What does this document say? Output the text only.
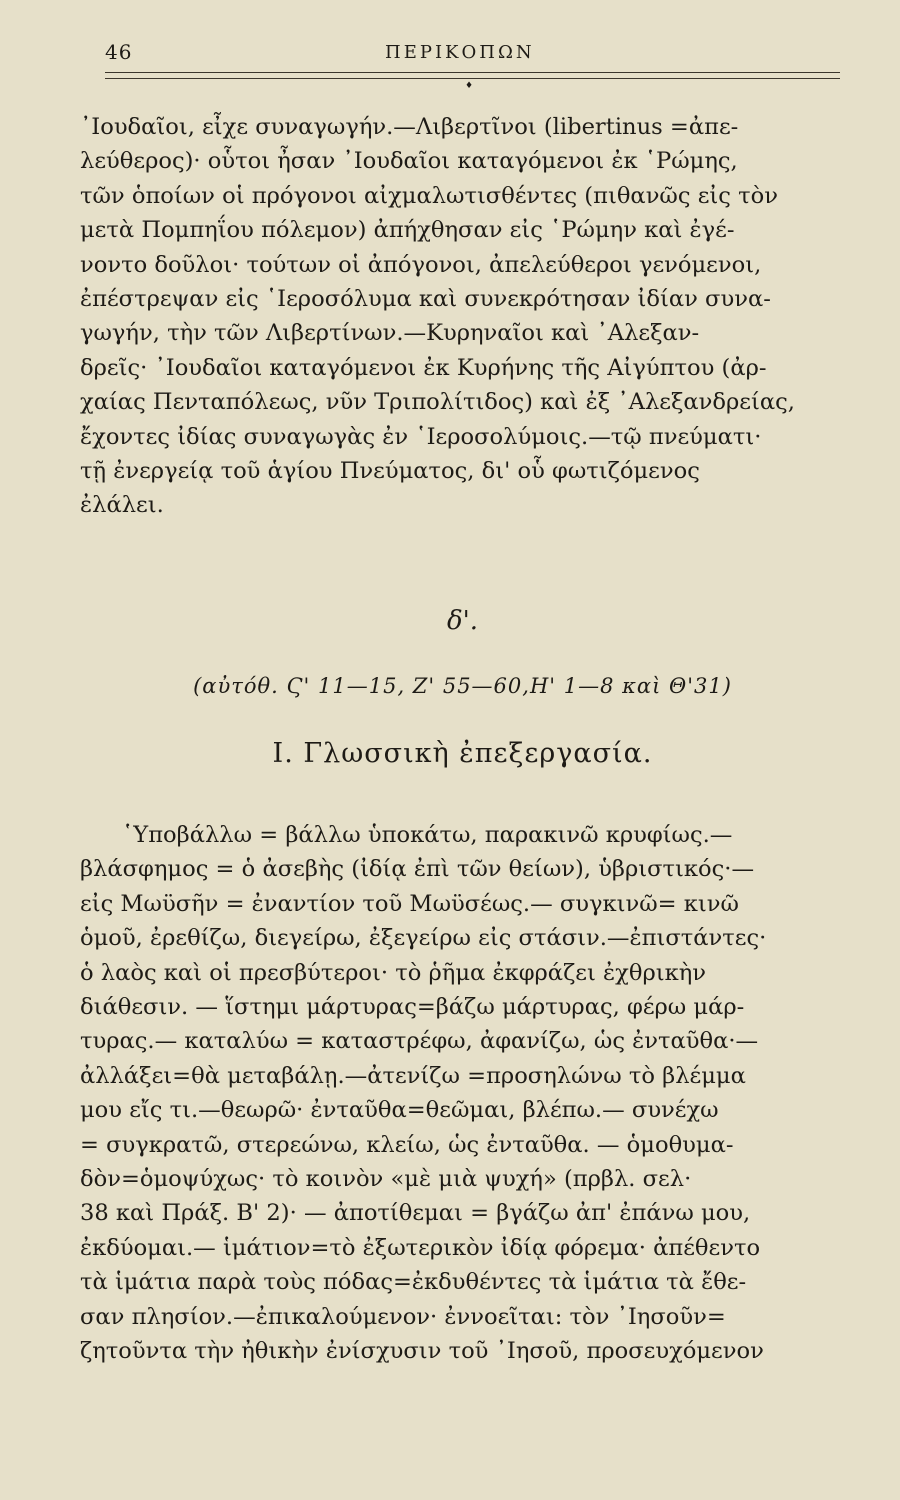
46	ΠΕΡΙΚΟΠΩΝ
♦
᾿Ιουδαῖοι, εἶχε συναγωγήν.—Λιβερτῖνοι (libertinus =ἀπε-
λεύθερος)· οὗτοι ἦσαν ᾿Ιουδαῖοι καταγόμενοι ἐκ ῾Ρώμης,
τῶν ὁποίων οἱ πρόγονοι αἰχμαλωτισθέντες (πιθανῶς εἰς τὸν
μετὰ Πομπηΐου πόλεμον) ἀπήχθησαν εἰς ῾Ρώμην καὶ ἐγέ-
νοντο δοῦλοι· τούτων οἱ ἀπόγονοι, ἀπελεύθεροι γενόμενοι,
ἐπέστρεψαν εἰς ῾Ιεροσόλυμα καὶ συνεκρότησαν ἰδίαν συνα-
γωγήν, τὴν τῶν Λιβερτίνων.—Κυρηναῖοι καὶ ᾿Αλεξαν-
δρεῖς· ᾿Ιουδαῖοι καταγόμενοι ἐκ Κυρήνης τῆς Αἰγύπτου (ἀρ-
χαίας Πενταπόλεως, νῦν Τριπολίτιδος) καὶ ἐξ ᾿Αλεξανδρείας,
ἔχοντες ἰδίας συναγωγὰς ἐν ῾Ιεροσολύμοις.—τῷ πνεύματι·
τῇ ἐνεργείᾳ τοῦ ἁγίου Πνεύματος, δι' οὗ φωτιζόμενος
ἐλάλει.

δ'.

(αὐτόθ. Ϛ' 11—15, Ζ' 55—60,Η' 1—8 καὶ Θ'31)

Ι. Γλωσσικὴ ἐπεξεργασία.

῾Υποβάλλω = βάλλω ὑποκάτω, παρακινῶ κρυφίως.—
βλάσφημος = ὁ ἀσεβὴς (ἰδίᾳ ἐπὶ τῶν θείων), ὑβριστικός·—
εἰς Μωϋσῆν = ἐναντίον τοῦ Μωϋσέως.— συγκινῶ= κινῶ
ὁμοῦ, ἐρεθίζω, διεγείρω, ἐξεγείρω εἰς στάσιν.—ἐπιστάντες·
ὁ λαὸς καὶ οἱ πρεσβύτεροι· τὸ ῥῆμα ἐκφράζει ἐχθρικὴν
διάθεσιν. — ἵστημι μάρτυρας=βάζω μάρτυρας, φέρω μάρ-
τυρας.— καταλύω = καταστρέφω, ἀφανίζω, ὡς ἐνταῦθα·—
ἀλλάξει=θὰ μεταβάλῃ.—ἀτενίζω =προσηλώνω τὸ βλέμμα
μου εἴς τι.—θεωρῶ· ἐνταῦθα=θεῶμαι, βλέπω.— συνέχω
= συγκρατῶ, στερεώνω, κλείω, ὡς ἐνταῦθα. — ὁμοθυμα-
δὸν=ὁμοψύχως· τὸ κοινὸν «μὲ μιὰ ψυχή» (πρβλ. σελ·
38 καὶ Πράξ. Β' 2)· — ἀποτίθεμαι = βγάζω ἀπ' ἐπάνω μου,
ἐκδύομαι.— ἱμάτιον=τὸ ἐξωτερικὸν ἰδίᾳ φόρεμα· ἀπέθεντο
τὰ ἱμάτια παρὰ τοὺς πόδας=ἐκδυθέντες τὰ ἱμάτια τὰ ἔθε-
σαν πλησίον.—ἐπικαλούμενον· ἐννοεῖται: τὸν ᾿Ιησοῦν=
ζητοῦντα τὴν ἠθικὴν ἐνίσχυσιν τοῦ ᾿Ιησοῦ, προσευχόμενον
